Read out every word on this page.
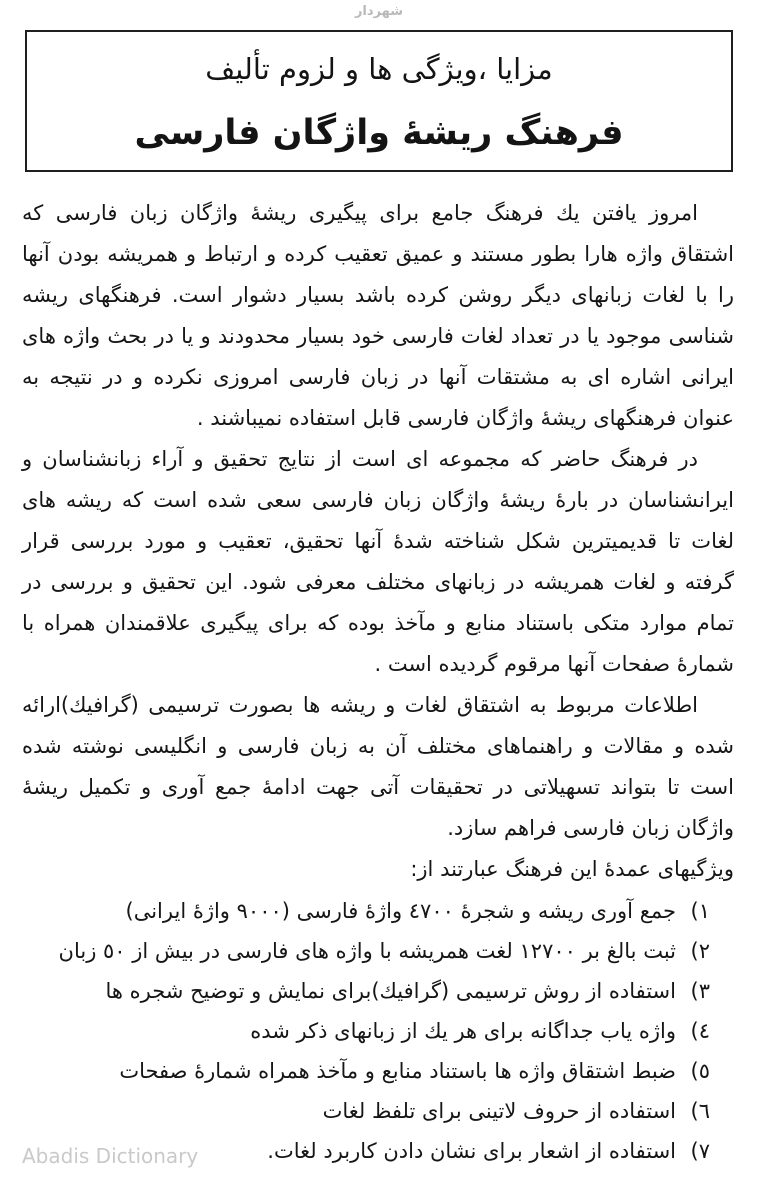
شهردار
مزایا ،ویژگی ها و لزوم تألیف
فرهنگ ریشهٔ واژگان فارسی

امروز یافتن یك فرهنگ جامع برای پیگیری ریشهٔ واژگان زبان فارسی كه اشتقاق واژه هارا بطور مستند و عمیق تعقیب كرده و ارتباط و همریشه بودن آنها را با لغات زبانهای دیگر روشن كرده باشد بسیار دشوار است. فرهنگهای ریشه شناسی موجود یا در تعداد لغات فارسی خود بسیار محدودند و یا در بحث واژه های ایرانی اشاره ای به مشتقات آنها در زبان فارسی امروزی نكرده و در نتیجه به عنوان فرهنگهای ریشهٔ واژگان فارسی قابل استفاده نمیباشند .

در فرهنگ حاضر كه مجموعه ای است از نتایج تحقیق و آراء زبانشناسان و ایرانشناسان در بارهٔ ریشهٔ واژگان زبان فارسی سعی شده است كه ریشه های لغات تا قدیمیترین شكل شناخته شدهٔ آنها تحقیق، تعقیب و مورد بررسی قرار گرفته و لغات همریشه در زبانهای مختلف معرفی شود. این تحقیق و بررسی در تمام موارد متكی باستناد منابع و مآخذ بوده كه برای پیگیری علاقمندان همراه با شمارهٔ صفحات آنها مرقوم گردیده است .

اطلاعات مربوط به اشتقاق لغات و ریشه ها بصورت ترسیمی (گرافیك)ارائه شده و مقالات و راهنماهای مختلف آن به زبان فارسی و انگلیسی نوشته شده است تا بتواند تسهیلاتی در تحقیقات آتی جهت ادامهٔ جمع آوری و تكمیل ریشهٔ واژگان زبان فارسی فراهم سازد.

ویژگیهای عمدهٔ این فرهنگ عبارتند از:

۱)
جمع آوری ریشه و شجرهٔ ٤٧٠٠ واژهٔ فارسی (٩٠٠٠ واژهٔ ایرانی)
۲)
ثبت بالغ بر ۱۲۷۰۰ لغت همریشه با واژه های فارسی در بیش از ٥٠ زبان
۳)
استفاده از روش ترسیمی (گرافیك)برای نمایش و توضیح شجره ها
٤)
واژه یاب جداگانه برای هر یك از زبانهای ذكر شده
٥)
ضبط اشتقاق واژه ها باستناد منابع و مآخذ همراه شمارهٔ صفحات
٦)
استفاده از حروف لاتینی برای تلفظ لغات
٧)
استفاده از اشعار برای نشان دادن كاربرد لغات.
Abadis Dictionary
